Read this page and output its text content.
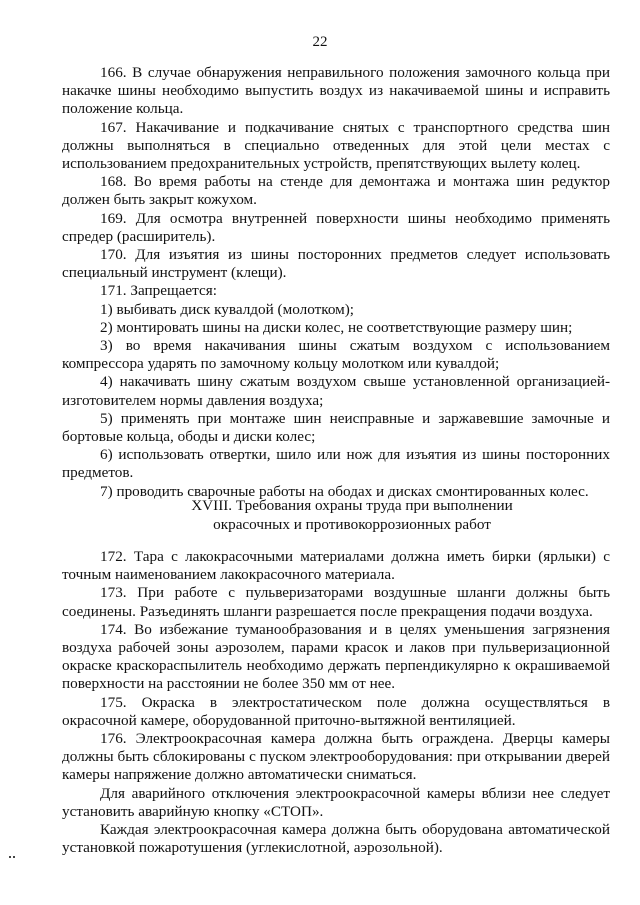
22

166. В случае обнаружения неправильного положения замочного кольца при накачке шины необходимо выпустить воздух из накачиваемой шины и исправить положение кольца.

167. Накачивание и подкачивание снятых с транспортного средства шин должны выполняться в специально отведенных для этой цели местах с использованием предохранительных устройств, препятствующих вылету колец.

168. Во время работы на стенде для демонтажа и монтажа шин редуктор должен быть закрыт кожухом.

169. Для осмотра внутренней поверхности шины необходимо применять спредер (расширитель).

170. Для изъятия из шины посторонних предметов следует использовать специальный инструмент (клещи).

171. Запрещается:

1) выбивать диск кувалдой (молотком);

2) монтировать шины на диски колес, не соответствующие размеру шин;

3) во время накачивания шины сжатым воздухом с использованием компрессора ударять по замочному кольцу молотком или кувалдой;

4) накачивать шину сжатым воздухом свыше установленной организацией-изготовителем нормы давления воздуха;

5) применять при монтаже шин неисправные и заржавевшие замочные и бортовые кольца, ободы и диски колес;

6) использовать отвертки, шило или нож для изъятия из шины посторонних предметов.

7) проводить сварочные работы на ободах и дисках смонтированных колес.

XVIII. Требования охраны труда при выполнении
окрасочных и противокоррозионных работ

172. Тара с лакокрасочными материалами должна иметь бирки (ярлыки) с точным наименованием лакокрасочного материала.

173. При работе с пульверизаторами воздушные шланги должны быть соединены. Разъединять шланги разрешается после прекращения подачи воздуха.

174. Во избежание туманообразования и в целях уменьшения загрязнения воздуха рабочей зоны аэрозолем, парами красок и лаков при пульверизационной окраске краскораспылитель необходимо держать перпендикулярно к окрашиваемой поверхности на расстоянии не более 350 мм от нее.

175. Окраска в электростатическом поле должна осуществляться в окрасочной камере, оборудованной приточно-вытяжной вентиляцией.

176. Электроокрасочная камера должна быть ограждена. Дверцы камеры должны быть сблокированы с пуском электрооборудования: при открывании дверей камеры напряжение должно автоматически сниматься.

Для аварийного отключения электроокрасочной камеры вблизи нее следует установить аварийную кнопку «СТОП».

Каждая электроокрасочная камера должна быть оборудована автоматической установкой пожаротушения (углекислотной, аэрозольной).
